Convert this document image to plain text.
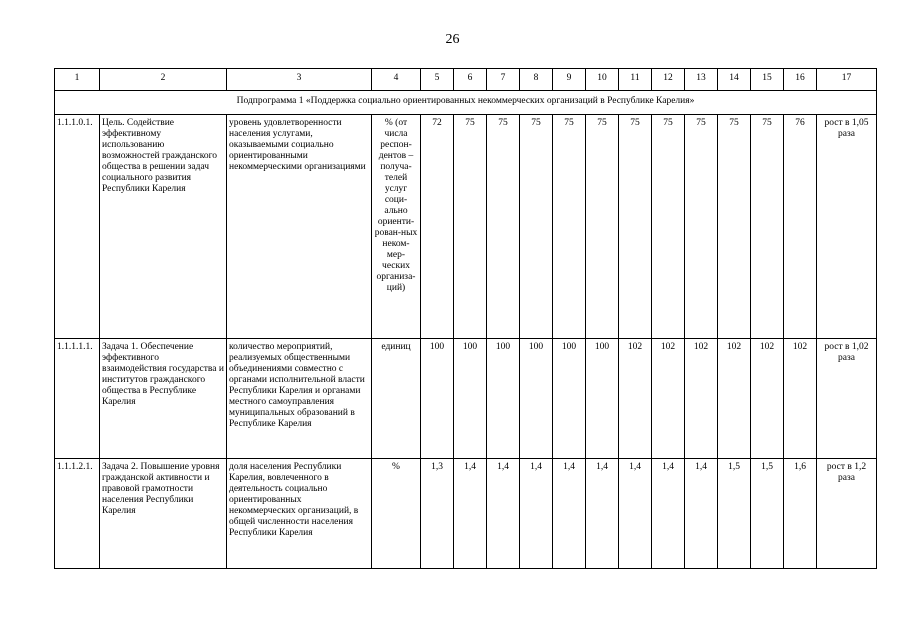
26
1	2	3	4	5	6	7	8	9	10	11	12	13	14	15	16	17
Подпрограмма 1 «Поддержка социально ориентированных некоммерческих организаций в Республике Карелия»																
1.1.1.0.1.	Цель. Содействие эффективному использованию возможностей гражданского общества в решении задач социального развития Республики Карелия	уровень удовлетворенности населения услугами, оказываемыми социально ориентированными некоммерческими организациями	% (от числа респон-дентов – получа-телей услуг соци-ально ориенти-рован-ных неком-мер-ческих организа-ций)	72	75	75	75	75	75	75	75	75	75	75	76	рост в 1,05 раза
1.1.1.1.1.	Задача 1. Обеспечение эффективного взаимодействия государства и институтов гражданского общества в Республике Карелия	количество мероприятий, реализуемых общественными объединениями совместно с органами исполнительной власти Республики Карелия и органами местного самоуправления муниципальных образований в Республике Карелия	единиц	100	100	100	100	100	100	102	102	102	102	102	102	рост в 1,02 раза
1.1.1.2.1.	Задача 2. Повышение уровня гражданской активности и правовой грамотности населения Республики Карелия	доля населения Республики Карелия, вовлеченного в деятельность социально ориентированных некоммерческих организаций, в общей численности населения Республики Карелия	%	1,3	1,4	1,4	1,4	1,4	1,4	1,4	1,4	1,4	1,5	1,5	1,6	рост в 1,2 раза
